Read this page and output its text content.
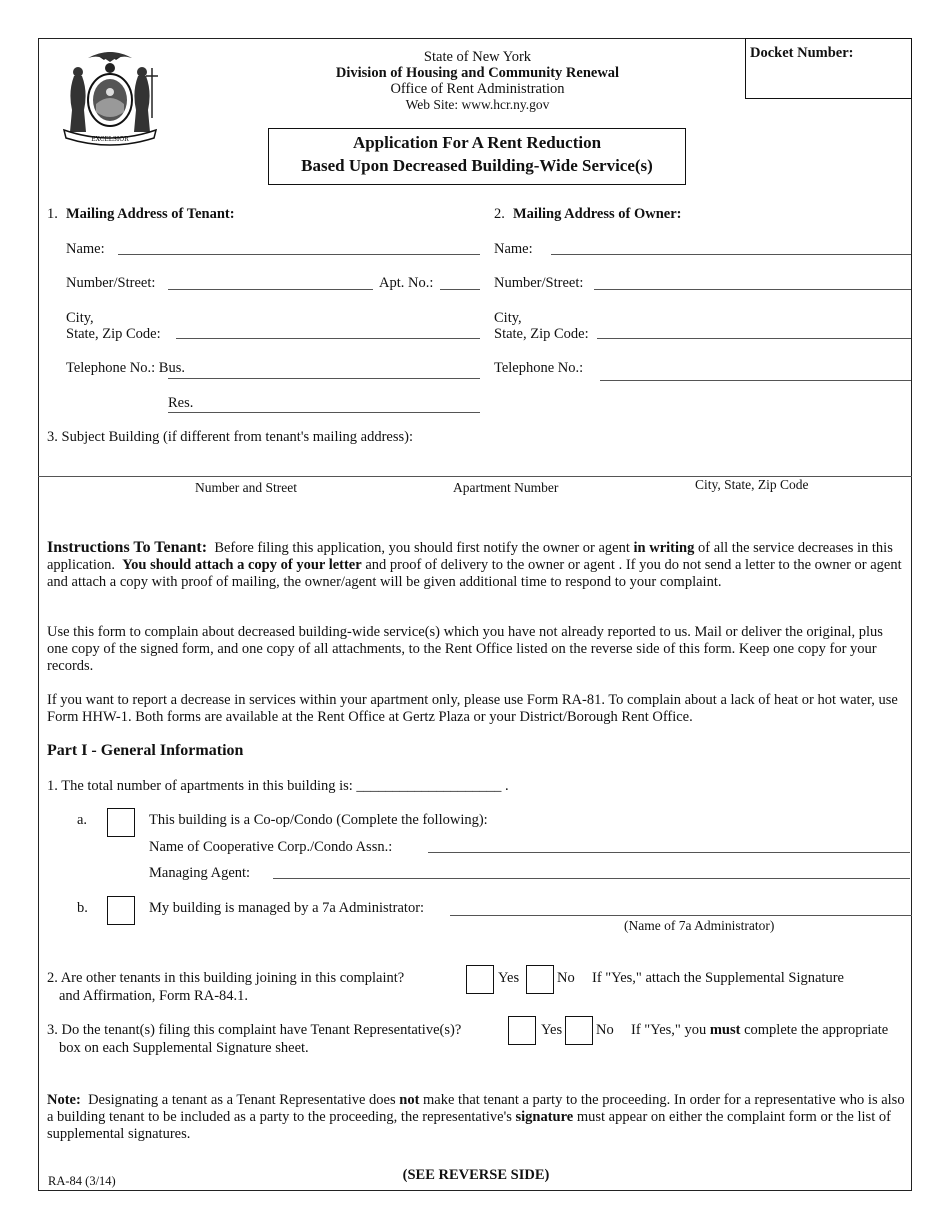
EXCELSIOR
State of New York
Division of Housing and Community Renewal
Office of Rent Administration
Web Site: www.hcr.ny.gov
Docket Number:
Application For A Rent Reduction
Based Upon Decreased Building-Wide Service(s)
1. Mailing Address of Tenant:
Name:
Number/Street:	Apt. No.:
City,
State, Zip Code:
Telephone No.: Bus.
Res.
2. Mailing Address of Owner:
Name:
Number/Street:
City,
State, Zip Code:
Telephone No.:
3. Subject Building (if different from tenant's mailing address):
Number and Street	Apartment Number	City, State, Zip Code

Instructions To Tenant: Before filing this application, you should first notify the owner or agent in writing of all the service decreases in this application. You should attach a copy of your letter and proof of delivery to the owner or agent . If you do not send a letter to the owner or agent and attach a copy with proof of mailing, the owner/agent will be given additional time to respond to your complaint.

Use this form to complain about decreased building-wide service(s) which you have not already reported to us. Mail or deliver the original, plus one copy of the signed form, and one copy of all attachments, to the Rent Office listed on the reverse side of this form. Keep one copy for your records.
If you want to report a decrease in services within your apartment only, please use Form RA-81. To complain about a lack of heat or hot water, use Form HHW-1. Both forms are available at the Rent Office at Gertz Plaza or your District/Borough Rent Office.
Part I - General Information
1. The total number of apartments in this building is: ____________________ .
a.	This building is a Co-op/Condo (Complete the following):
Name of Cooperative Corp./Condo Assn.:
Managing Agent:
b.	My building is managed by a 7a Administrator:
(Name of 7a Administrator)
2. Are other tenants in this building joining in this complaint?
and Affirmation, Form RA-84.1.
Yes	No If "Yes," attach the Supplemental Signature
3. Do the tenant(s) filing this complaint have Tenant Representative(s)?
box on each Supplemental Signature sheet.
Yes No If "Yes," you must complete the appropriate

Note: Designating a tenant as a Tenant Representative does not make that tenant a party to the proceeding. In order for a representative who is also a building tenant to be included as a party to the proceeding, the representative's signature must appear on either the complaint form or the list of supplemental signatures.

RA-84 (3/14)	(SEE REVERSE SIDE)
